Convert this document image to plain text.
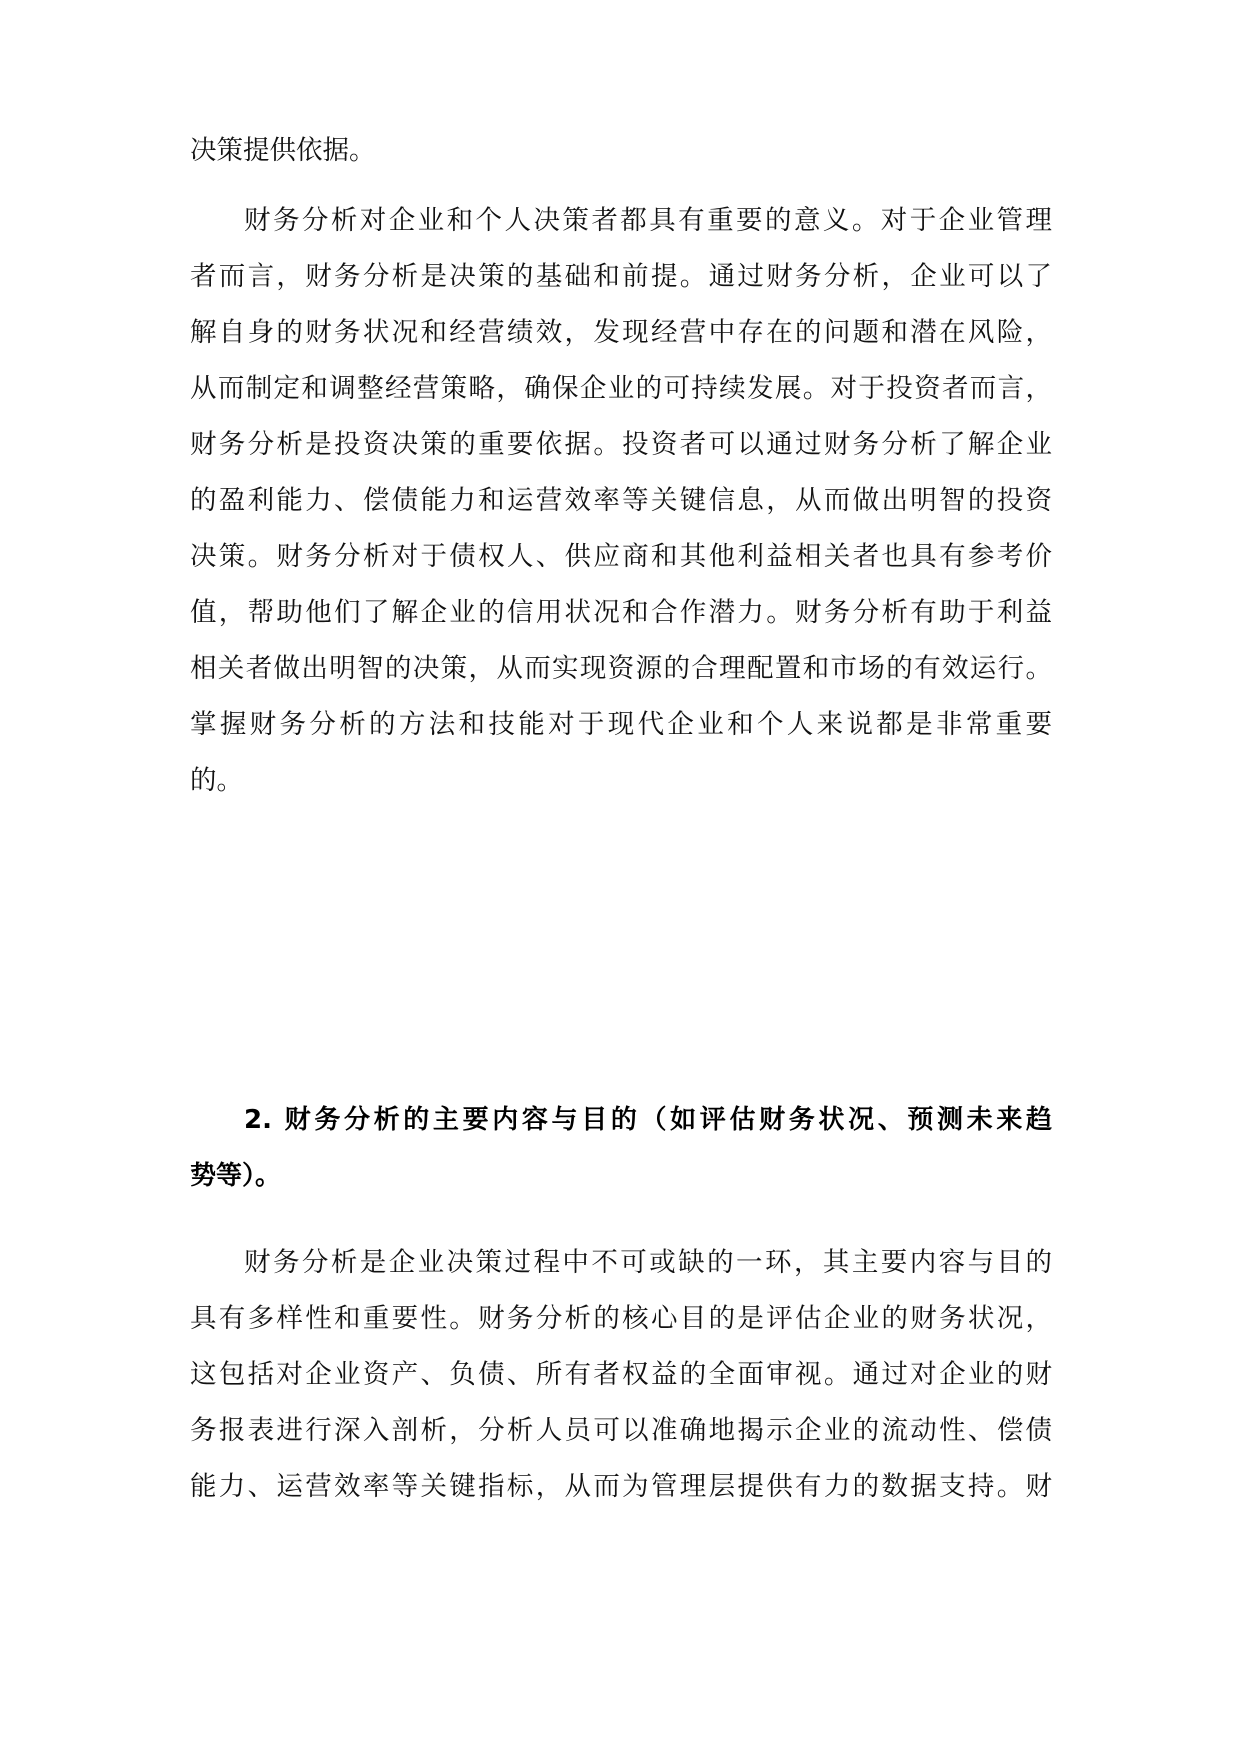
决策提供依据。
财务分析对企业和个人决策者都具有重要的意义。对于企业管理
者而言，财务分析是决策的基础和前提。通过财务分析，企业可以了
解自身的财务状况和经营绩效，发现经营中存在的问题和潜在风险，
从而制定和调整经营策略，确保企业的可持续发展。对于投资者而言，
财务分析是投资决策的重要依据。投资者可以通过财务分析了解企业
的盈利能力、偿债能力和运营效率等关键信息，从而做出明智的投资
决策。财务分析对于债权人、供应商和其他利益相关者也具有参考价
值，帮助他们了解企业的信用状况和合作潜力。财务分析有助于利益
相关者做出明智的决策，从而实现资源的合理配置和市场的有效运行。
掌握财务分析的方法和技能对于现代企业和个人来说都是非常重要
的。
2. 财务分析的主要内容与目的（如评估财务状况、预测未来趋
势等）。
财务分析是企业决策过程中不可或缺的一环，其主要内容与目的
具有多样性和重要性。财务分析的核心目的是评估企业的财务状况，
这包括对企业资产、负债、所有者权益的全面审视。通过对企业的财
务报表进行深入剖析，分析人员可以准确地揭示企业的流动性、偿债
能力、运营效率等关键指标，从而为管理层提供有力的数据支持。财
